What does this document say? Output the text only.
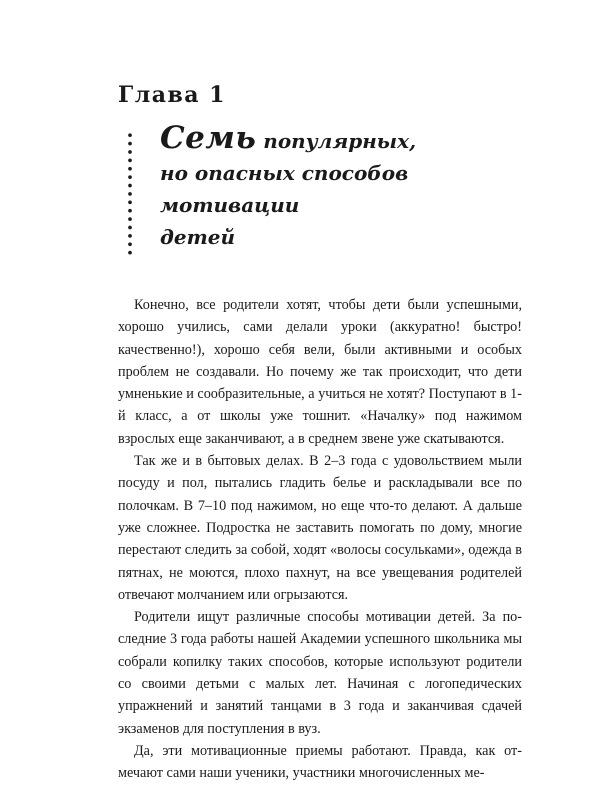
Глава 1
Семь популярных,
но опасных способов
мотивации
детей

Конечно, все родители хотят, чтобы дети были успешными, хорошо учились, сами делали уроки (аккуратно! быстро! качественно!), хорошо себя вели, были активными и особых проблем не создавали. Но почему же так происходит, что дети умненькие и сообразительные, а учиться не хотят? Поступают в 1-й класс, а от школы уже тошнит. «Началку» под нажимом взрослых еще заканчивают, а в среднем звене уже скатываются.

Так же и в бытовых делах. В 2–3 года с удовольствием мыли посуду и пол, пытались гладить белье и раскладывали все по полочкам. В 7–10 под нажимом, но еще что-то делают. А дальше уже сложнее. Подростка не заставить помогать по дому, многие перестают следить за собой, ходят «волосы сосульками», одежда в пятнах, не моются, плохо пахнут, на все увещевания родителей отвечают молчанием или огрызаются.

Родители ищут различные способы мотивации детей. За последние 3 года работы нашей Академии успешного школьника мы собрали копилку таких способов, которые используют родители со своими детьми с малых лет. Начиная с логопедических упражнений и занятий танцами в 3 года и заканчивая сдачей экзаменов для поступления в вуз.

Да, эти мотивационные приемы работают. Правда, как отмечают сами наши ученики, участники многочисленных ме-
